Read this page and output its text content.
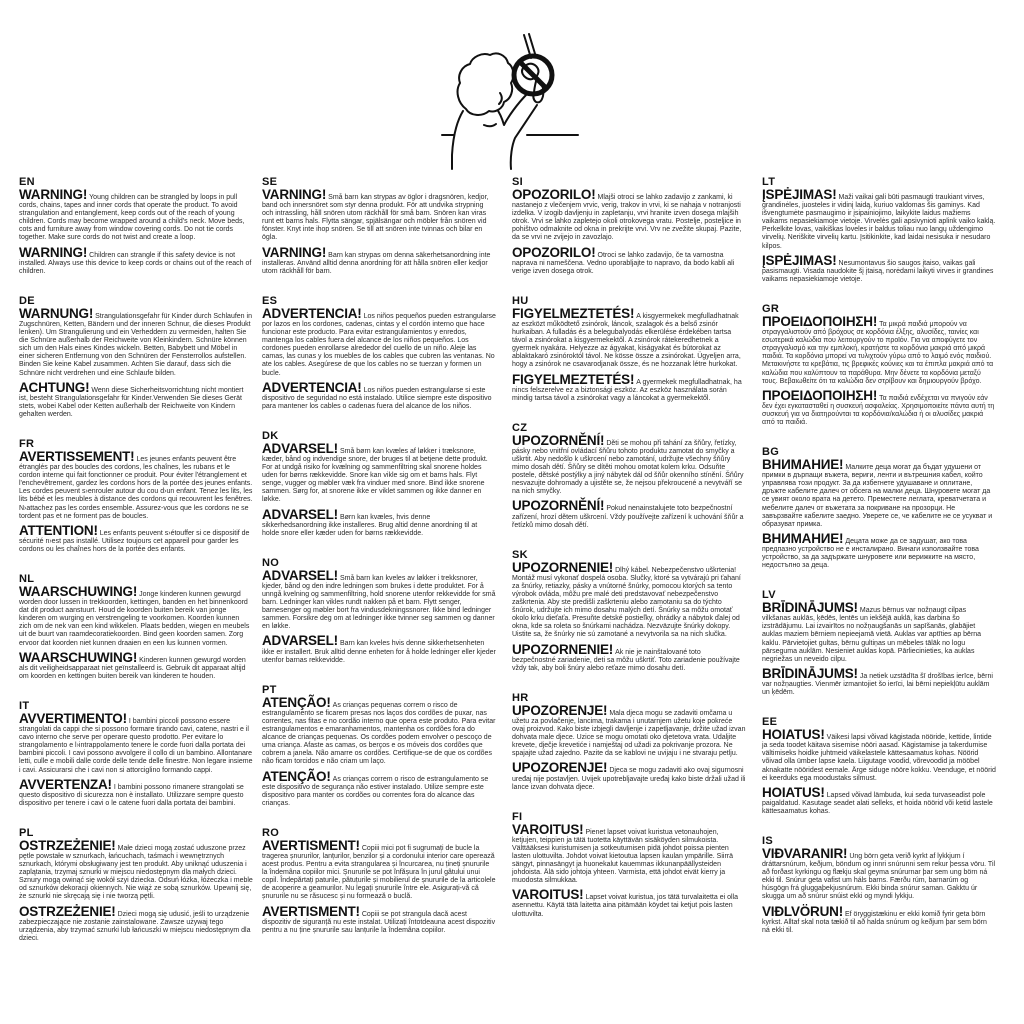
EN

WARNING! Young children can be strangled by loops in pull cords, chains, tapes and inner cords that operate the product. To avoid strangulation and entanglement, keep cords out of the reach of young children. Cords may become wrapped around a child's neck. Move beds, cots and furniture away from window covering cords. Do not tie cords together. Make sure cords do not twist and create a loop.

WARNING! Children can strangle if this safety device is not installed. Always use this device to keep cords or chains out of the reach of children.

DE

WARNUNG! Strangulationsgefahr für Kinder durch Schlaufen in Zugschnüren, Ketten, Bändern und der inneren Schnur, die dieses Produkt lenken). Um Strangulierung und ein Verheddern zu vermeiden, halten Sie die Schnüre außerhalb der Reichweite von Kleinkindern. Schnüre können sich um den Hals eines Kindes wickeln. Betten, Babybett und Möbel in einer sicheren Entfernung von den Schnüren der Fensterrollos aufstellen. Binden Sie keine Kabel zusammen. Achten Sie darauf, dass sich die Schnüre nicht verdrehen und eine Schlaufe bilden.

ACHTUNG! Wenn diese Sicherheitsvorrichtung nicht montiert ist, besteht Strangulationsgefahr für Kinder.Verwenden Sie dieses Gerät stets, wobei Kabel oder Ketten außerhalb der Reichweite von Kindern gehalten werden.

FR

AVERTISSEMENT! Les jeunes enfants peuvent être étranglés par des boucles des cordons, les chaînes, les rubans et le cordon interne qui fait fonctionner ce produit. Pour éviter l'étranglement et l'enchevêtrement, gardez les cordons hors de la portée des jeunes enfants. Les cordes peuvent s›enrouler autour du cou d›un enfant. Tenez les lits, les lits bébé et les meubles à distance des cordons qui recouvrent les fenêtres. N›attachez pas les cordes ensemble. Assurez-vous que les cordons ne se tordent pas et ne forment pas de boucles.

ATTENTION! Les enfants peuvent s›étouffer si ce dispositif de sécurité n›est pas installé. Utilisez toujours cet appareil pour garder les cordons ou les chaînes hors de la portée des enfants.

NL

WAARSCHUWING! Jonge kinderen kunnen gewurgd worden door lussen in trekkoorden, kettingen, banden en het binnenkoord dat dit product aanstuurt. Houd de koorden buiten bereik van jonge kinderen om wurging en verstrengeling te voorkomen. Koorden kunnen zich om de nek van een kind wikkelen. Plaats bedden, wiegen en meubels uit de buurt van raamdecoratiekoorden. Bind geen koorden samen. Zorg ervoor dat koorden niet kunnen draaien en een lus kunnen vormen.

WAARSCHUWING! Kinderen kunnen gewurgd worden als dit veiligheidsapparaat niet geïnstalleerd is. Gebruik dit apparaat altijd om koorden en kettingen buiten bereik van kinderen te houden.

IT

AVVERTIMENTO! I bambini piccoli possono essere strangolati da cappi che si possono formare tirando cavi, catene, nastri e il cavo interno che serve per operare questo prodotto. Per evitare lo strangolamento e l›intrappolamento tenere le corde fuori dalla portata dei bambini piccoli. I cavi possono avvolgere il collo di un bambino. Allontanare letti, culle e mobili dalle corde delle tende delle finestre. Non legare insieme i cavi. Assicurarsi che i cavi non si attorciglino formando cappi.

AVVERTENZA! I bambini possono rimanere strangolati se questo dispositivo di sicurezza non è installato. Utilizzare sempre questo dispositivo per tenere i cavi o le catene fuori dalla portata dei bambini.

PL

OSTRZEŻENIE! Małe dzieci mogą zostać uduszone przez pętle powstałe w sznurkach, łańcuchach, taśmach i wewnętrznych sznurkach, którymi obsługiwany jest ten produkt. Aby uniknąć uduszenia i zaplątania, trzymaj sznurki w miejscu niedostępnym dla małych dzieci. Sznury mogą owinąć się wokół szyi dziecka. Odsuń łóżka, łóżeczka i meble od sznurków dekoracji okiennych. Nie wiąż ze sobą sznurków. Upewnij się, że sznurki nie skręcają się i nie tworzą pętli.

OSTRZEŻENIE! Dzieci mogą się udusić, jeśli to urządzenie zabezpieczające nie zostanie zainstalowane. Zawsze używaj tego urządzenia, aby trzymać sznurki lub łańcuszki w miejscu niedostępnym dla dzieci.

SE

VARNING! Små barn kan strypas av öglor i dragsnören, kedjor, band och innersnöret som styr denna produkt. För att undvika strypning och intrassling, håll snören utom räckhåll för små barn. Snören kan viras runt ett barns hals. Flytta sängar, spjälsängar och möbler från snören vid fönster. Knyt inte ihop snören. Se till att snören inte tvinnas och bilar en ögla.

VARNING! Barn kan strypas om denna säkerhetsanordning inte installeras. Använd alltid denna anordning för att hålla snören eller kedjor utom räckhåll för barn.

ES

ADVERTENCIA! Los niños pequeños pueden estrangularse por lazos en los cordones, cadenas, cintas y el cordón interno que hace funcionar este producto. Para evitar estrangulamientos y enredos, mantenga los cables fuera del alcance de los niños pequeños. Los cordones pueden enrollarse alrededor del cuello de un niño. Aleje las camas, las cunas y los muebles de los cables que cubren las ventanas. No ate los cables. Asegúrese de que los cables no se tuerzan y formen un bucle.

ADVERTENCIA! Los niños pueden estrangularse si este dispositivo de seguridad no está instalado. Utilice siempre este dispositivo para mantener los cables o cadenas fuera del alcance de los niños.

DK

ADVARSEL! Små børn kan kvæles af løkker i træksnore, kæder, bånd og indvendige snore, der bruges til at betjene dette produkt. For at undgå risiko for kvælning og sammenfiltring skal snorene holdes uden for børns rækkevidde. Snore kan vikle sig om et barns hals. Flyt senge, vugger og møbler væk fra vinduer med snore. Bind ikke snorene sammen. Sørg for, at snorene ikke er viklet sammen og ikke danner en løkke.

ADVARSEL! Børn kan kvæles, hvis denne sikkerhedsanordning ikke installeres. Brug altid denne anordning til at holde snore eller kæder uden for børns rækkevidde.

NO

ADVARSEL! Små barn kan kveles av løkker i trekksnorer, kjeder, bånd og den indre ledningen som brukes i dette produktet. For å unngå kvelning og sammenfiltring, hold snorene utenfor rekkevidde for små barn. Ledninger kan vikles rundt nakken på et barn. Flytt senger, barnesenger og møbler bort fra vindusdekningssnorer. Ikke bind ledninger sammen. Forsikre deg om at ledninger ikke tvinner seg sammen og danner en løkke.

ADVARSEL! Barn kan kveles hvis denne sikkerhetsenheten ikke er installert. Bruk alltid denne enheten for å holde ledninger eller kjeder utenfor barnas rekkevidde.

PT

ATENÇÃO! As crianças pequenas correm o risco de estrangulamento se ficarem presas nos laços dos cordões de puxar, nas correntes, nas fitas e no cordão interno que opera este produto. Para evitar estrangulamentos e emaranhamentos, mantenha os cordões fora do alcance de crianças pequenas. Os cordões podem envolver o pescoço de uma criança. Afaste as camas, os berços e os móveis dos cordões que cobrem a janela. Não amarre os cordões. Certifique-se de que os cordões não ficam torcidos e não criam um laço.

ATENÇÃO! As crianças correm o risco de estrangulamento se este dispositivo de segurança não estiver instalado. Utilize sempre este dispositivo para manter os cordões ou correntes fora do alcance das crianças.

RO

AVERTISMENT! Copiii mici pot fi sugrumați de bucle la tragerea șnururilor, lanțurilor, benzilor și a cordonului interior care operează acest produs. Pentru a evita strangularea și încurcarea, nu țineți șnururile la îndemâna copiilor mici. Șnururile se pot înfășura în jurul gâtului unui copil. Îndepărtați paturile, pătuțurile și mobilierul de șnururile de la articolele de acoperire a geamurilor. Nu legați șnururile între ele. Asigurați-vă că șnururile nu se răsucesc și nu formează o buclă.

AVERTISMENT! Copiii se pot strangula dacă acest dispozitiv de siguranță nu este instalat. Utilizați întotdeauna acest dispozitiv pentru a nu ține șnururile sau lanțurile la îndemâna copiilor.

SI

OPOZORILO! Mlajši otroci se lahko zadavijo z zankami, ki nastanejo z vlečenjem vrvic, verig, trakov in vrvi, ki se nahaja v notranjosti izdelka. V izogib davljenju in zapletanju, vrvi hranite izven dosega mlajših otrok. Vrvi se lahko zapletejo okoli otrokovega vratu. Postelje, posteljice in pohištvo odmaknite od okna in prekrijte vrvi. Vrv ne zvežite skupaj. Pazite, da se vrvi ne zvijejo in zavozlajo.

OPOZORILO! Otroci se lahko zadavijo, če ta varnostna naprava ni nameščena. Vedno uporabljajte to napravo, da bodo kabli ali verige izven dosega otrok.

HU

FIGYELMEZTETÉS! A kisgyermekek megfulladhatnak az eszközt működtető zsinórok, láncok, szalagok és a belső zsinór hurkaiban. A fulladás és a belegubalyodás elkerülése érdekében tartsa távol a zsinórokat a kisgyermekektől. A zsinórok rátekeredhetnek a gyermek nyakára. Helyezze az ágyakat, kiságyakat és bútorokat az ablaktakaró zsinóroktól távol. Ne kösse össze a zsinórokat. Ügyeljen arra, hogy a zsinórok ne csavarodjanak össze, és ne hozzanak létre hurkokat.

FIGYELMEZTETÉS! A gyermekek megfulladhatnak, ha nincs felszerelve ez a biztonsági eszköz. Az eszköz használata során mindig tartsa távol a zsinórokat vagy a láncokat a gyermekektől.

CZ

UPOZORNĚNÍ! Děti se mohou při tahání za šňůry, řetízky, pásky nebo vnitřní ovládací šňůru tohoto produktu zamotat do smyčky a uškrtit. Aby nedošlo k uškrcení nebo zamotání, udržujte všechny šňůry mimo dosah dětí. Šňůry se dítěti mohou omotat kolem krku. Odsuňte postele, dětské postýlky a jiný nábytek dál od šňůr okenního stínění. Šňůry nesvazujte dohromady a ujistěte se, že nejsou překroucené a nevytváří se na nich smyčky.

UPOZORNĚNÍ! Pokud nenainstalujete toto bezpečnostní zařízení, hrozí dětem uškrcení. Vždy používejte zařízení k uchování šňůr a řetízků mimo dosah dětí.

SK

UPOZORNENIE! Dlhý kábel. Nebezpečenstvo uškrtenia! Montáž musí vykonať dospelá osoba. Slučky, ktoré sa vytvárajú pri ťahaní za šnúrky, retiazky, pásky a vnútorné šnúrky, pomocou ktorých sa tento výrobok ovláda, môžu pre malé deti predstavovať nebezpečenstvo zaškrtenia. Aby ste predišli zaškrteniu alebo zamotaniu sa do týchto šnúrok, udržujte ich mimo dosahu malých detí. Šnúrky sa môžu omotať okolo krku dieťaťa. Presuňte detské postieľky, ohrádky a nábytok ďalej od okna, kde sa roleta so šnúrkami nachádza. Nezväzujte šnúrky dokopy. Uistite sa, že šnúrky nie sú zamotané a nevytvorila sa na nich slučka.

UPOZORNENIE! Ak nie je nainštalované toto bezpečnostné zariadenie, deti sa môžu uškrtiť. Toto zariadenie používajte vždy tak, aby boli šnúry alebo reťaze mimo dosahu detí.

HR

UPOZORENJE! Mala djeca mogu se zadaviti omčama u užetu za povlačenje, lancima, trakama i unutarnjem užetu koje pokreće ovaj proizvod. Kako biste izbjegli davljenje i zapetljavanje, držite užad izvan dohvata male djece. Uzice se mogu omotati oko djetetova vrata. Udaljite krevete, dječje krevetiće i namještaj od užadi za pokrivanje prozora. Ne spajajte užad zajedno. Pazite da se kablovi ne uvijaju i ne stvaraju petlju.

UPOZORENJE! Djeca se mogu zadaviti ako ovaj sigurnosni uređaj nije postavljen. Uvijek upotrebljavajte uređaj kako biste držali užad ili lance izvan dohvata djece.

FI

VAROITUS! Pienet lapset voivat kuristua vetonauhojen, ketjujen, teippien ja tätä tuotetta käyttävän sisäköyden silmukoista. Välttääksesi kuristumisen ja sotkeutumisen pidä johdot poissa pienten lasten ulottuvilta. Johdot voivat kietoutua lapsen kaulan ympärille. Siirrä sängyt, pinnasängyt ja huonekalut kauemmas ikkunanpäällysteiden johdoista. Älä sido johtoja yhteen. Varmista, että johdot eivät kierry ja muodosta silmukkaa.

VAROITUS! Lapset voivat kuristua, jos tätä turvalaitetta ei olla asennettu. Käytä tätä laitetta aina pitämään köydet tai ketjut pois lasten ulottuvilta.

LT

ĮSPĖJIMAS! Maži vaikai gali būti pasmaugti traukiant virves, grandinėles, juosteles ir vidinį laidą, kuriuo valdomas šis gaminys. Kad išvengtumėte pasmaugimo ir įsipainiojimo, laikykite laidus mažiems vaikams nepasiekiamoje vietoje. Virvelės gali apsivynioti aplink vaiko kaklą. Perkelkite lovas, vaikiškas loveles ir baldus toliau nuo langų uždengimo virvelių. Neriškite virvelių kartu. Įsitikinkite, kad laidai nesisuka ir nesudaro kilpos.

ĮSPĖJIMAS! Nesumontavus šio saugos įtaiso, vaikas gali pasismaugti. Visada naudokite šį įtaisą, norėdami laikyti virves ir grandines vaikams nepasiekiamoje vietoje.

GR

ΠΡΟΕΙΔΟΠΟΙΗΣΗ! Τα μικρά παιδιά μπορούν να στραγγαλιστούν από βρόχους σε κορδόνια έλξης, αλυσίδες, ταινίες και εσωτερικά καλώδια που λειτουργούν το προϊόν. Για να αποφύγετε τον στραγγαλισμό και την εμπλοκή, κρατήστε τα κορδόνια μακριά από μικρά παιδιά. Τα κορδόνια μπορεί να τυλιχτούν γύρω από το λαιμό ενός παιδιού. Μετακινήστε τα κρεβάτια, τις βρεφικές κούνιες και τα έπιπλα μακριά από τα καλώδια που καλύπτουν τα παράθυρα. Μην δένετε τα κορδόνια μεταξύ τους. Βεβαιωθείτε ότι τα καλώδια δεν στρίβουν και δημιουργούν βρόχο.

ΠΡΟΕΙΔΟΠΟΙΗΣΗ! Τα παιδιά ενδέχεται να πνιγούν εάν δεν έχει εγκατασταθεί η συσκευή ασφαλείας. Χρησιμοποιείτε πάντα αυτή τη συσκευή για να διατηρούνται τα κορδόνια/καλώδια ή οι αλυσίδες μακριά από τα παιδιά.

BG

ВНИМАНИЕ! Малките деца могат да бъдат удушени от примки в дърпащи въжета, вериги, ленти и вътрешния кабел, който управлява този продукт. За да избегнете удушаване и оплитане, дръжте кабелите далеч от обсега на малки деца. Шнуровете могат да се увият около врата на детето. Преместете леглата, креватчетата и мебелите далеч от въжетата за покриване на прозорци. Не завързвайте кабелите заедно. Уверете се, че кабелите не се усукват и образуват примка.

ВНИМАНИЕ! Децата може да се задушат, ако това предпазно устройство не е инсталирано. Винаги използвайте това устройство, за да задържате шнуровете или верижките на място, недостъпно за деца.

LV

BRĪDINĀJUMS! Mazus bērnus var nožņaugt cilpas vilkšanas auklās, ķēdēs, lentēs un iekšējā auklā, kas darbina šo izstrādājumu. Lai izvairītos no nožņaugšanās un sapīšanās, glabājiet auklas maziem bērniem nepieejamā vietā. Auklas var aptīties ap bērna kaklu. Pārvietojiet gultas, bērnu gultiņas un mēbeles tālāk no logu pārseguma auklām. Nesieniet auklas kopā. Pārliecinieties, ka auklas negriežas un neveido cilpu.

BRĪDINĀJUMS! Ja netiek uzstādīta šī drošības ierīce, bērni var nožņaugties. Vienmēr izmantojiet šo ierīci, lai bērni nepiekļūtu auklām un ķēdēm.

EE

HOIATUS! Väikesi lapsi võivad kägistada nööride, kettide, lintide ja seda toodet käitava sisemise nööri aasad. Kägistamise ja takerdumise vältimiseks hoidke juhtmeid väikelastele kättesaamatus kohas. Nöörid võivad olla ümber lapse kaela. Liigutage voodid, võrevoodid ja mööbel aknakatte nööridest eemale. Ärge siduge nööre kokku. Veenduge, et nöörid ei keerduks ega moodustaks silmust.

HOIATUS! Lapsed võivad lämbuda, kui seda turvaseadist pole paigaldatud. Kasutage seadet alati selleks, et hoida nöörid või ketid lastele kättesaamatus kohas.

IS

VIÐVARANIR! Ung börn geta verið kyrkt af lykkjum í dráttarsnúrum, keðjum, böndum og innri snúrunni sem rekur þessa vöru. Til að forðast kyrkingu og flækju skal geyma snúrurnar þar sem ung börn ná ekki til. Snúrur geta vafist um háls barns. Færðu rúm, barnarúm og húsgögn frá gluggaþekjusnúrum. Ekki binda snúrur saman. Gakktu úr skugga um að snúrur snúist ekki og myndi lykkju.

VIÐLVÖRUN! Ef öryggistækinu er ekki komið fyrir geta börn kyrkst. Alltaf skal nota tækið til að halda snúrum og keðjum þar sem börn ná ekki til.
